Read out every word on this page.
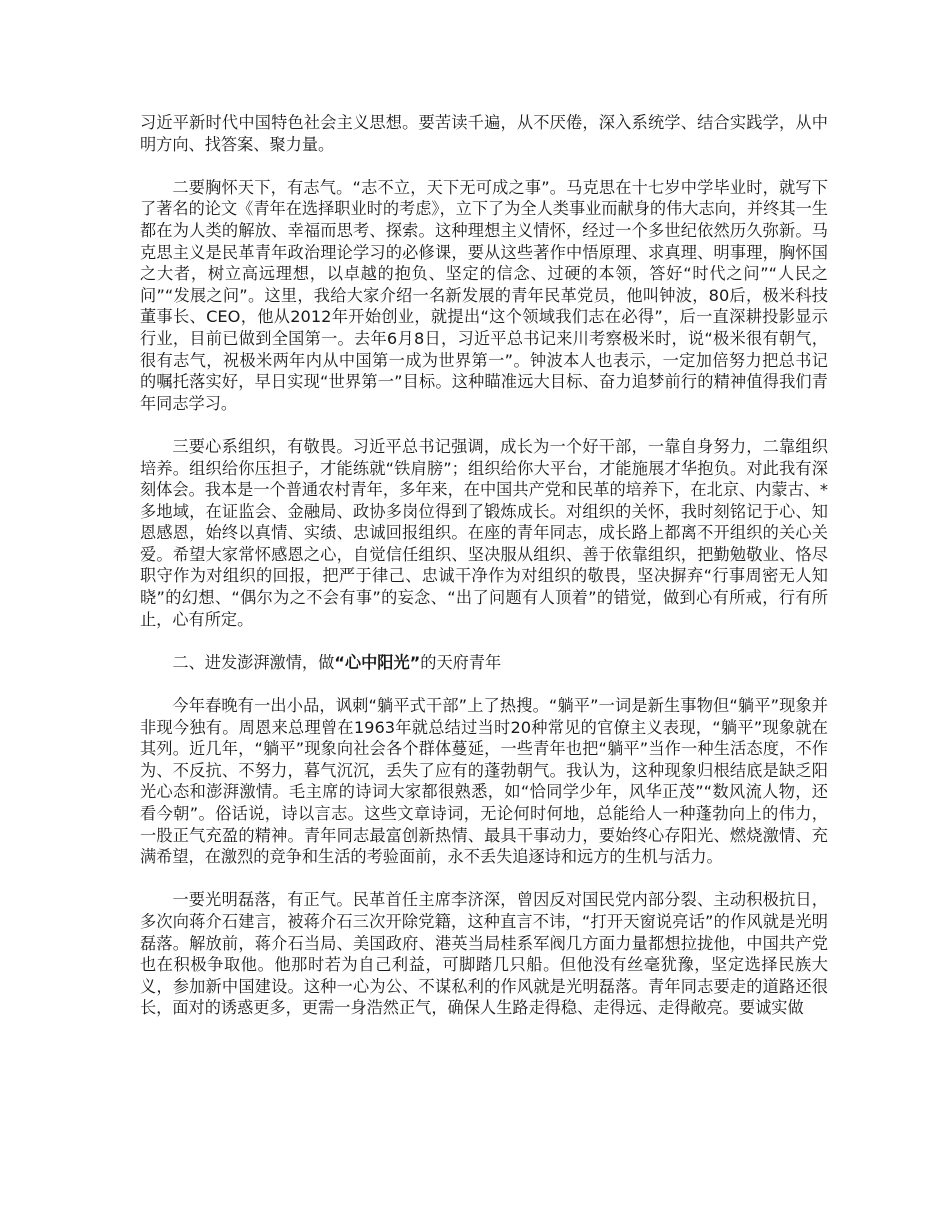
习近平新时代中国特色社会主义思想。要苦读千遍，从不厌倦，深入系统学、结合实践学，从中明方向、找答案、聚力量。

二要胸怀天下，有志气。“志不立，天下无可成之事”。马克思在十七岁中学毕业时，就写下了著名的论文《青年在选择职业时的考虑》，立下了为全人类事业而献身的伟大志向，并终其一生都在为人类的解放、幸福而思考、探索。这种理想主义情怀，经过一个多世纪依然历久弥新。马克思主义是民革青年政治理论学习的必修课，要从这些著作中悟原理、求真理、明事理，胸怀国之大者，树立高远理想，以卓越的抱负、坚定的信念、过硬的本领，答好“时代之问”“人民之问”“发展之问”。这里，我给大家介绍一名新发展的青年民革党员，他叫钟波，80后，极米科技董事长、CEO，他从2012年开始创业，就提出“这个领域我们志在必得”，后一直深耕投影显示行业，目前已做到全国第一。去年6月8日，习近平总书记来川考察极米时，说“极米很有朝气，很有志气，祝极米两年内从中国第一成为世界第一”。钟波本人也表示，一定加倍努力把总书记的嘱托落实好，早日实现“世界第一”目标。这种瞄准远大目标、奋力追梦前行的精神值得我们青年同志学习。

三要心系组织，有敬畏。习近平总书记强调，成长为一个好干部，一靠自身努力，二靠组织培养。组织给你压担子，才能练就“铁肩膀”；组织给你大平台，才能施展才华抱负。对此我有深刻体会。我本是一个普通农村青年，多年来，在中国共产党和民革的培养下，在北京、内蒙古、*多地域，在证监会、金融局、政协多岗位得到了锻炼成长。对组织的关怀，我时刻铭记于心、知恩感恩，始终以真情、实绩、忠诚回报组织。在座的青年同志，成长路上都离不开组织的关心关爱。希望大家常怀感恩之心，自觉信任组织、坚决服从组织、善于依靠组织，把勤勉敬业、恪尽职守作为对组织的回报，把严于律己、忠诚干净作为对组织的敬畏，坚决摒弃“行事周密无人知晓”的幻想、“偶尔为之不会有事”的妄念、“出了问题有人顶着”的错觉，做到心有所戒，行有所止，心有所定。

二、进发澎湃激情，做“心中阳光”的天府青年

今年春晚有一出小品，讽刺“躺平式干部”上了热搜。“躺平”一词是新生事物但“躺平”现象并非现今独有。周恩来总理曾在1963年就总结过当时20种常见的官僚主义表现，“躺平”现象就在其列。近几年，“躺平”现象向社会各个群体蔓延，一些青年也把“躺平”当作一种生活态度，不作为、不反抗、不努力，暮气沉沉，丢失了应有的蓬勃朝气。我认为，这种现象归根结底是缺乏阳光心态和澎湃激情。毛主席的诗词大家都很熟悉，如“恰同学少年，风华正茂”“数风流人物，还看今朝”。俗话说，诗以言志。这些文章诗词，无论何时何地，总能给人一种蓬勃向上的伟力，一股正气充盈的精神。青年同志最富创新热情、最具干事动力，要始终心存阳光、燃烧激情、充满希望，在激烈的竞争和生活的考验面前，永不丢失追逐诗和远方的生机与活力。

一要光明磊落，有正气。民革首任主席李济深，曾因反对国民党内部分裂、主动积极抗日，多次向蒋介石建言，被蒋介石三次开除党籍，这种直言不讳，“打开天窗说亮话”的作风就是光明磊落。解放前，蒋介石当局、美国政府、港英当局桂系军阀几方面力量都想拉拢他，中国共产党也在积极争取他。他那时若为自己利益，可脚踏几只船。但他没有丝毫犹豫，坚定选择民族大义，参加新中国建设。这种一心为公、不谋私利的作风就是光明磊落。青年同志要走的道路还很长，面对的诱惑更多，更需一身浩然正气，确保人生路走得稳、走得远、走得敞亮。要诚实做
